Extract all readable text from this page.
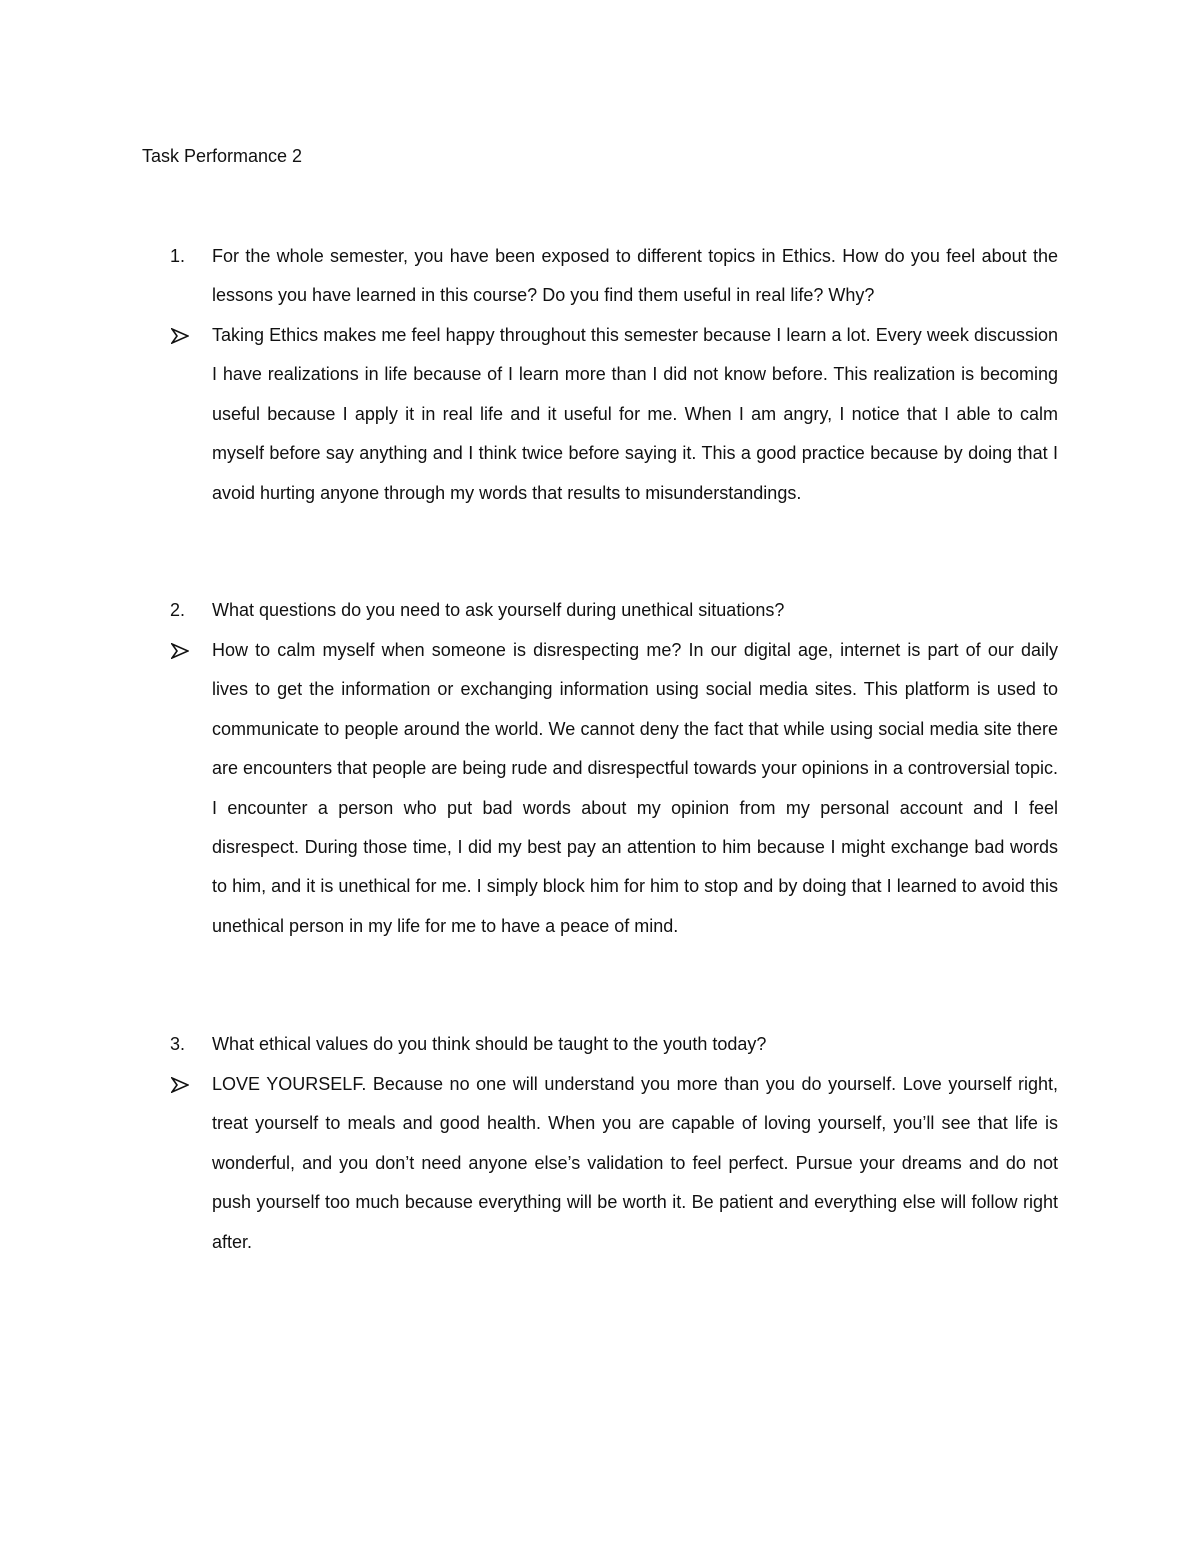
Task Performance 2
1. For the whole semester, you have been exposed to different topics in Ethics. How do you feel about the lessons you have learned in this course? Do you find them useful in real life? Why?
Taking Ethics makes me feel happy throughout this semester because I learn a lot. Every week discussion I have realizations in life because of I learn more than I did not know before. This realization is becoming useful because I apply it in real life and it useful for me. When I am angry, I notice that I able to calm myself before say anything and I think twice before saying it. This a good practice because by doing that I avoid hurting anyone through my words that results to misunderstandings.
2. What questions do you need to ask yourself during unethical situations?
How to calm myself when someone is disrespecting me? In our digital age, internet is part of our daily lives to get the information or exchanging information using social media sites. This platform is used to communicate to people around the world. We cannot deny the fact that while using social media site there are encounters that people are being rude and disrespectful towards your opinions in a controversial topic. I encounter a person who put bad words about my opinion from my personal account and I feel disrespect. During those time, I did my best pay an attention to him because I might exchange bad words to him, and it is unethical for me. I simply block him for him to stop and by doing that I learned to avoid this unethical person in my life for me to have a peace of mind.
3. What ethical values do you think should be taught to the youth today?
LOVE YOURSELF. Because no one will understand you more than you do yourself. Love yourself right, treat yourself to meals and good health. When you are capable of loving yourself, you’ll see that life is wonderful, and you don’t need anyone else’s validation to feel perfect. Pursue your dreams and do not push yourself too much because everything will be worth it. Be patient and everything else will follow right after.
